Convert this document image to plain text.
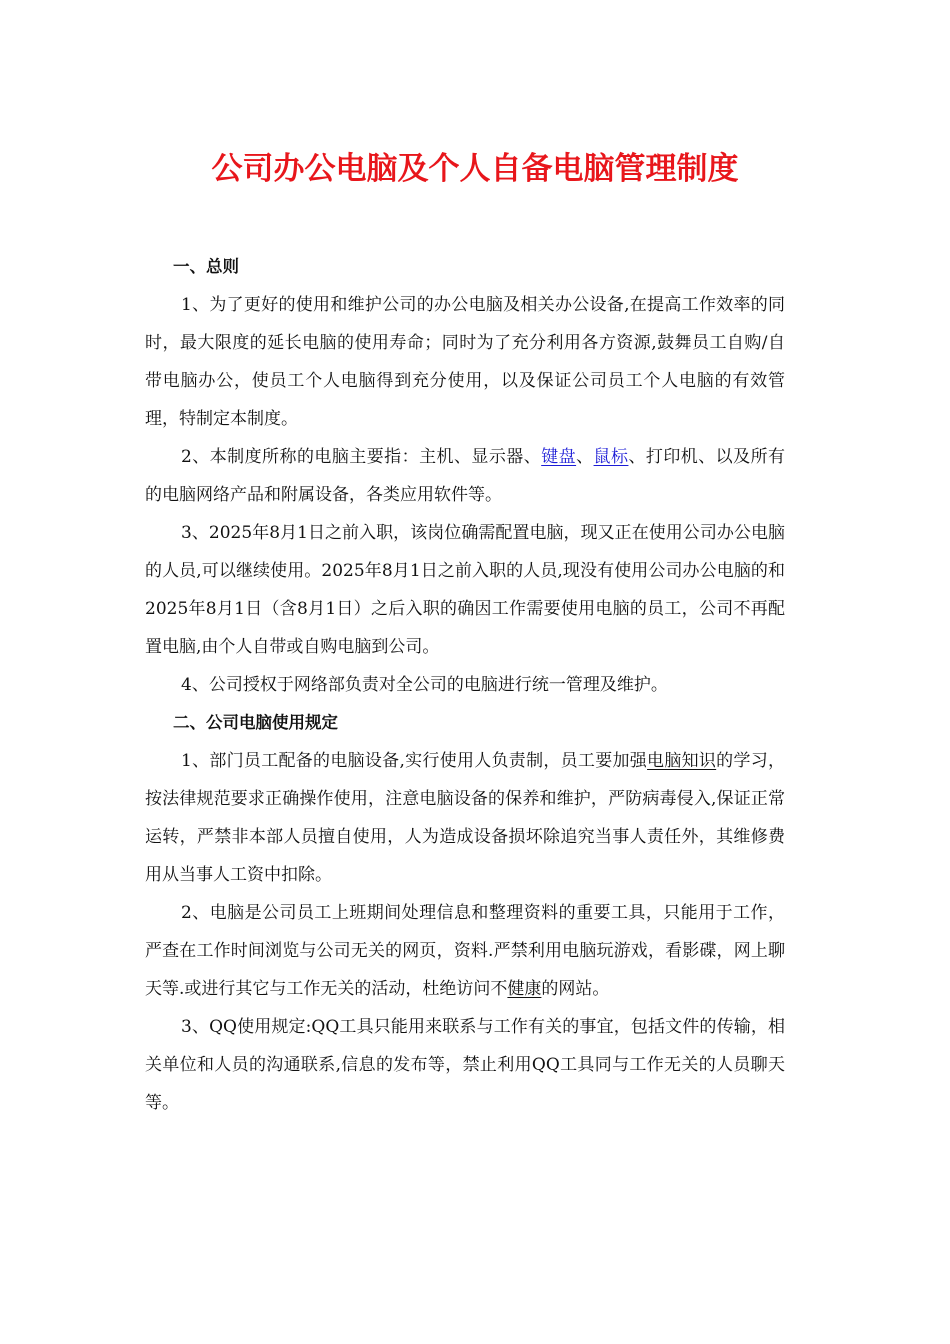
公司办公电脑及个人自备电脑管理制度
一、总则

1、为了更好的使用和维护公司的办公电脑及相关办公设备,在提高工作效率的同时，最大限度的延长电脑的使用寿命；同时为了充分利用各方资源,鼓舞员工自购/自带电脑办公，使员工个人电脑得到充分使用，以及保证公司员工个人电脑的有效管理，特制定本制度。

2、本制度所称的电脑主要指：主机、显示器、键盘、鼠标、打印机、以及所有的电脑网络产品和附属设备，各类应用软件等。

3、2025年8月1日之前入职，该岗位确需配置电脑，现又正在使用公司办公电脑的人员,可以继续使用。2025年8月1日之前入职的人员,现没有使用公司办公电脑的和2025年8月1日（含8月1日）之后入职的确因工作需要使用电脑的员工，公司不再配置电脑,由个人自带或自购电脑到公司。

4、公司授权于网络部负责对全公司的电脑进行统一管理及维护。

二、公司电脑使用规定

1、部门员工配备的电脑设备,实行使用人负责制，员工要加强电脑知识的学习，按法律规范要求正确操作使用，注意电脑设备的保养和维护，严防病毒侵入,保证正常运转，严禁非本部人员擅自使用，人为造成设备损坏除追究当事人责任外，其维修费用从当事人工资中扣除。

2、电脑是公司员工上班期间处理信息和整理资料的重要工具，只能用于工作，严查在工作时间浏览与公司无关的网页，资料.严禁利用电脑玩游戏，看影碟，网上聊天等.或进行其它与工作无关的活动，杜绝访问不健康的网站。

3、QQ使用规定:QQ工具只能用来联系与工作有关的事宜，包括文件的传输，相关单位和人员的沟通联系,信息的发布等，禁止利用QQ工具同与工作无关的人员聊天等。
